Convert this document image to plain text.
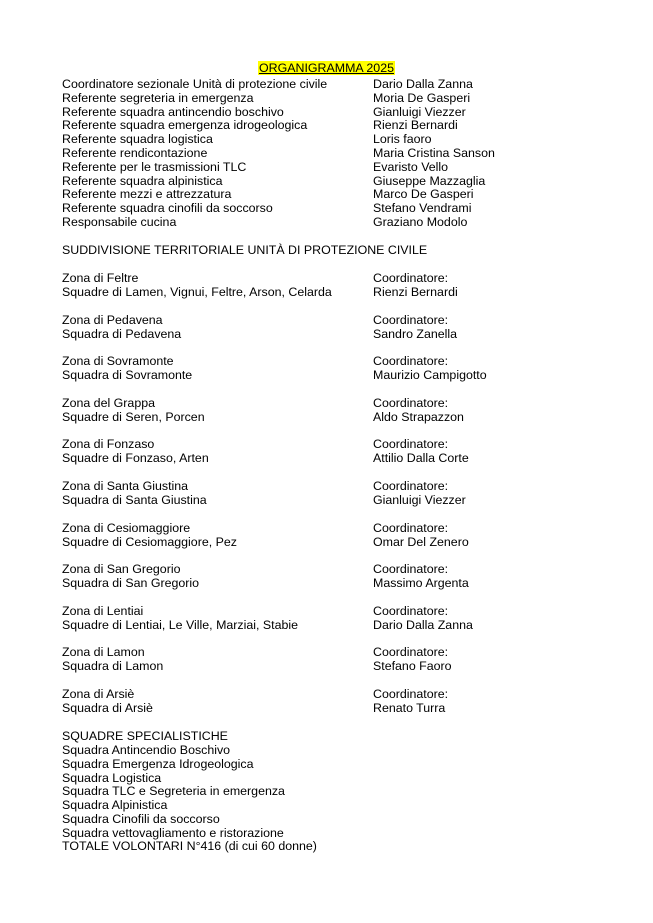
ORGANIGRAMMA 2025
Coordinatore sezionale Unità di protezione civile	Dario Dalla Zanna
Referente segreteria in emergenza	Moria De Gasperi
Referente squadra antincendio boschivo	Gianluigi Viezzer
Referente squadra emergenza idrogeologica	Rienzi Bernardi
Referente squadra logistica	Loris faoro
Referente rendicontazione	Maria Cristina Sanson
Referente per le trasmissioni TLC	Evaristo Vello
Referente squadra alpinistica	Giuseppe Mazzaglia
Referente mezzi e attrezzatura	Marco De Gasperi
Referente squadra cinofili da soccorso	Stefano Vendrami
Responsabile cucina	Graziano Modolo
SUDDIVISIONE TERRITORIALE UNITÀ DI PROTEZIONE CIVILE
Zona di Feltre	Coordinatore:
Squadre di Lamen, Vignui, Feltre, Arson, Celarda	Rienzi Bernardi
Zona di Pedavena	Coordinatore:
Squadra di Pedavena	Sandro Zanella
Zona di Sovramonte	Coordinatore:
Squadra di Sovramonte	Maurizio Campigotto
Zona del Grappa	Coordinatore:
Squadre di Seren, Porcen	Aldo Strapazzon
Zona di Fonzaso	Coordinatore:
Squadre di Fonzaso, Arten	Attilio Dalla Corte
Zona di Santa Giustina	Coordinatore:
Squadra di Santa Giustina	Gianluigi Viezzer
Zona di Cesiomaggiore	Coordinatore:
Squadre di Cesiomaggiore, Pez	Omar Del Zenero
Zona di San Gregorio	Coordinatore:
Squadra di San Gregorio	Massimo Argenta
Zona di Lentiai	Coordinatore:
Squadre di Lentiai, Le Ville, Marziai, Stabie	Dario Dalla Zanna
Zona di Lamon	Coordinatore:
Squadra di Lamon	Stefano Faoro
Zona di Arsiè	Coordinatore:
Squadra di Arsiè	Renato Turra
SQUADRE SPECIALISTICHE
Squadra Antincendio Boschivo
Squadra Emergenza Idrogeologica
Squadra Logistica
Squadra TLC e Segreteria in emergenza
Squadra Alpinistica
Squadra Cinofili da soccorso
Squadra vettovagliamento e ristorazione
TOTALE VOLONTARI N°416 (di cui 60 donne)
